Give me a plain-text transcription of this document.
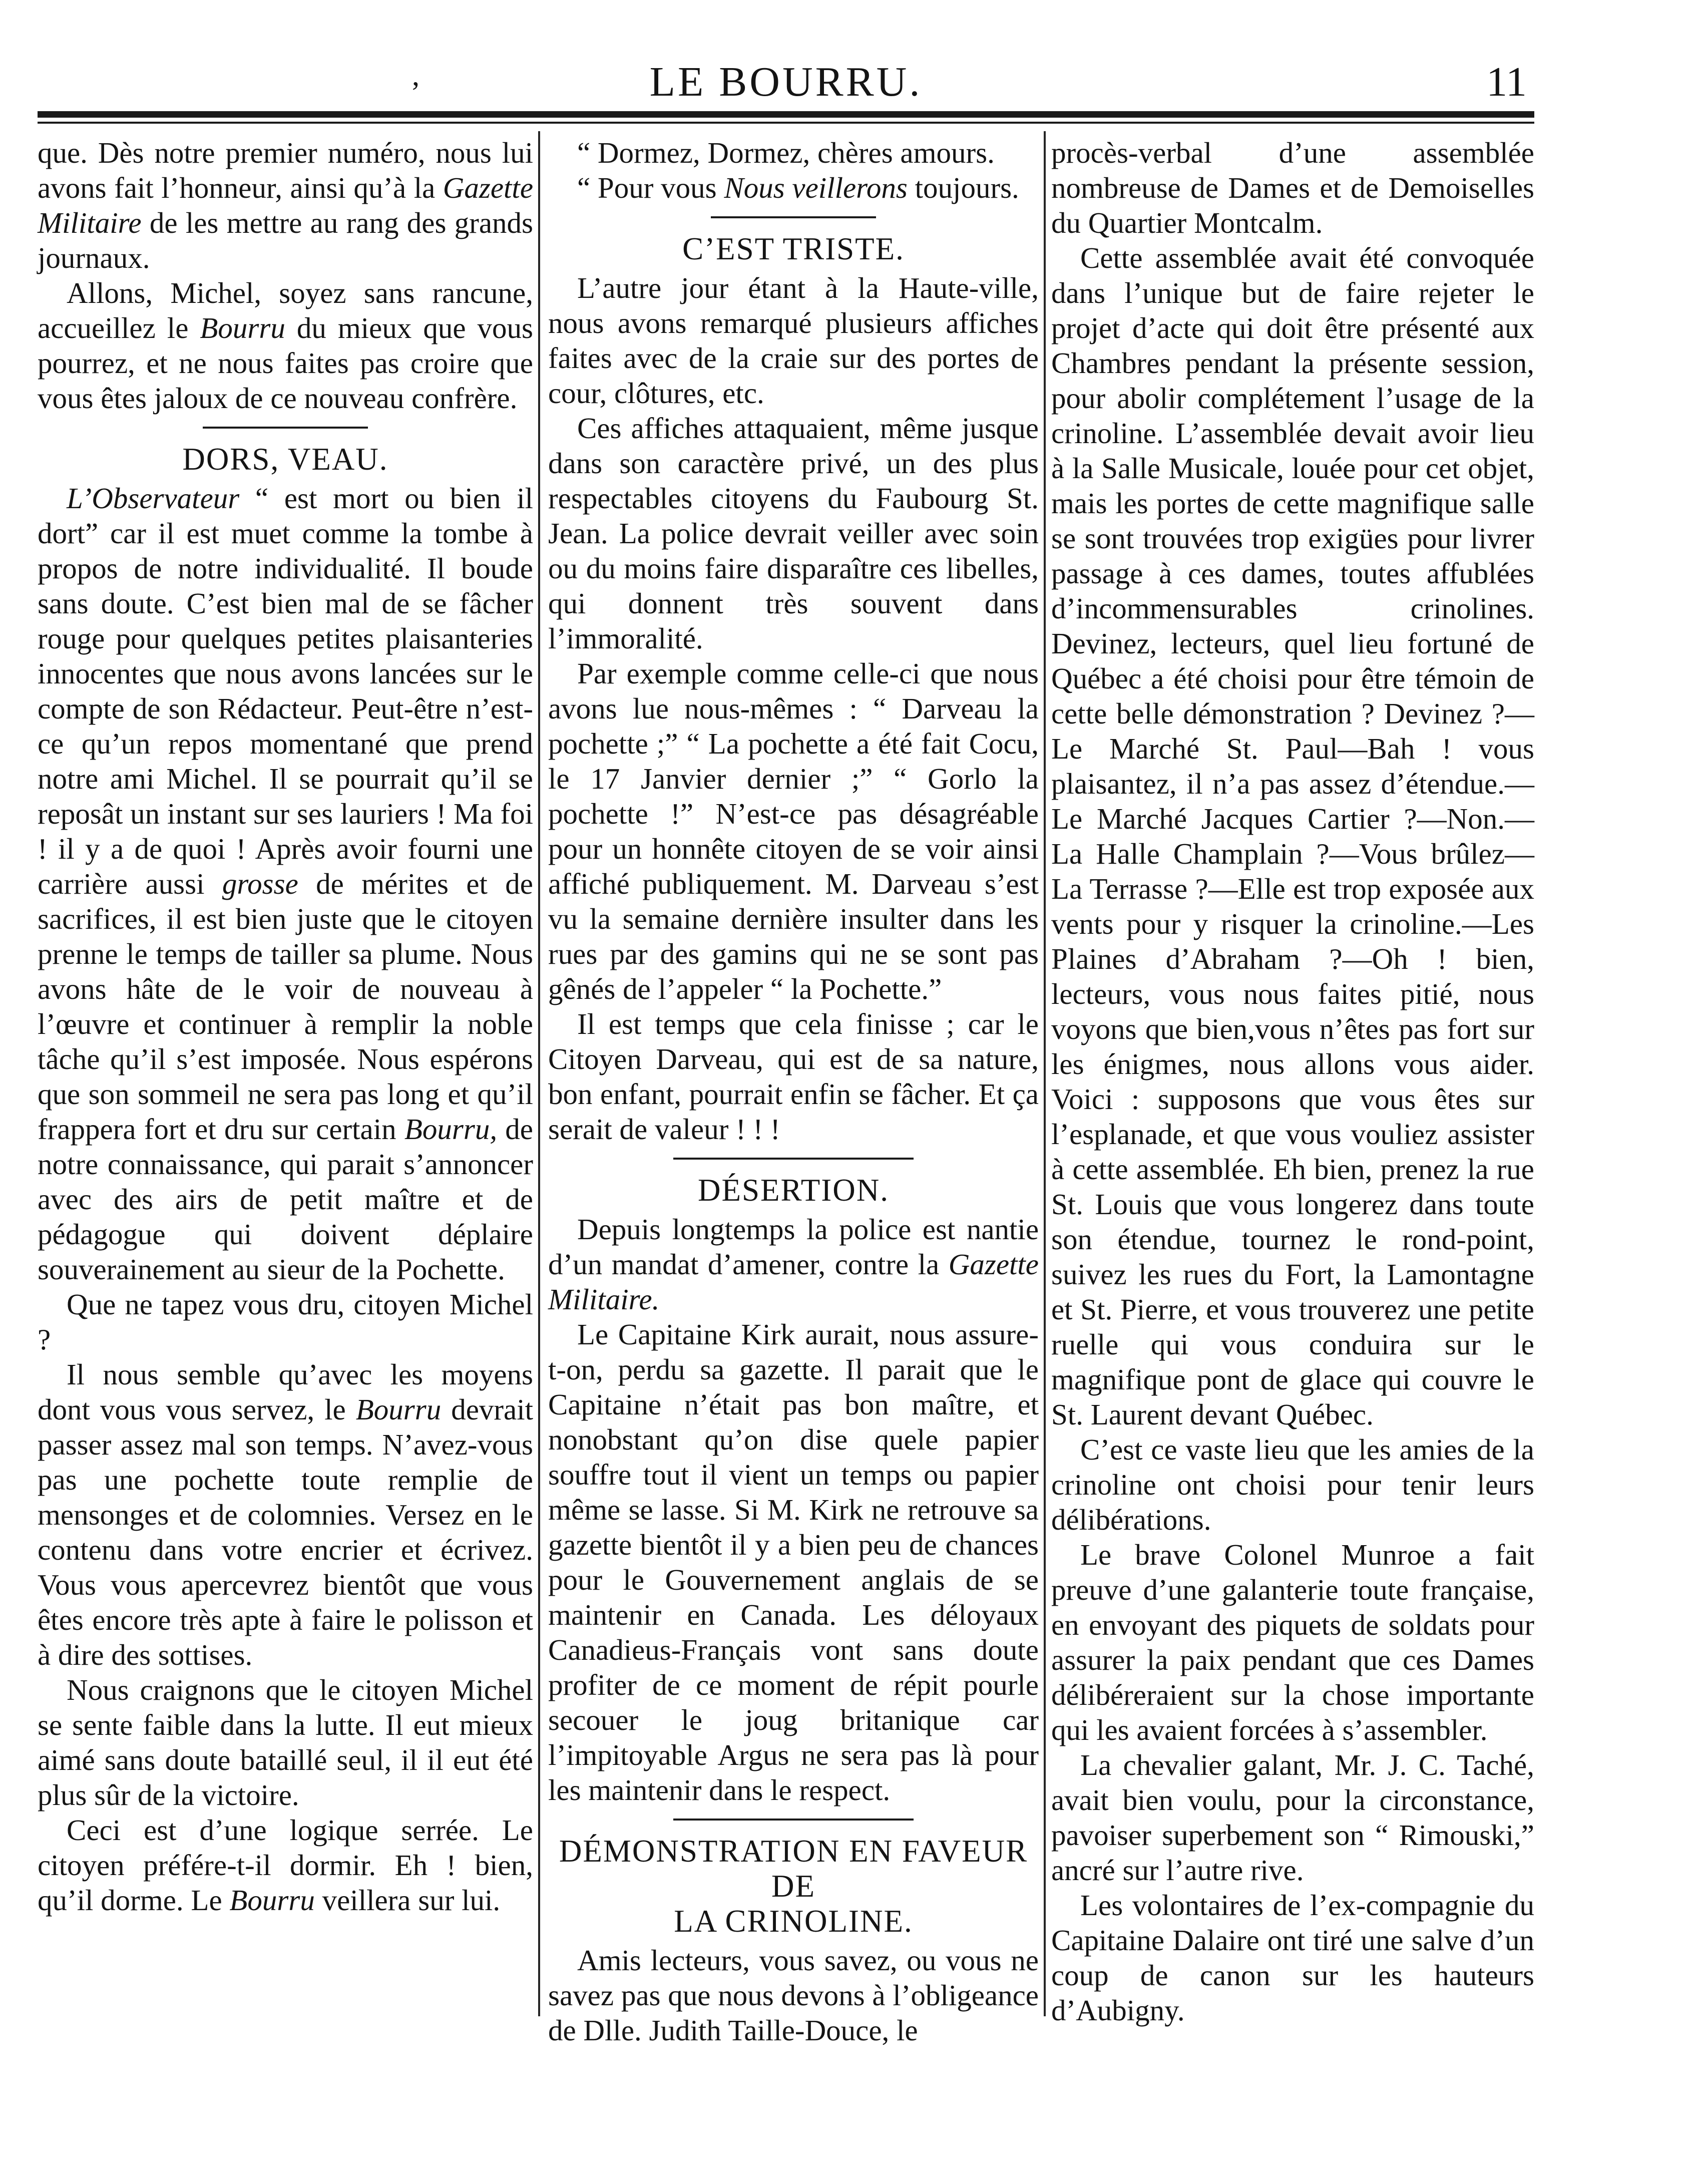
’	LE BOURRU.	11

que. Dès notre premier numéro, nous lui avons fait l’honneur, ainsi qu’à la Gazette Militaire de les mettre au rang des grands journaux.

Allons, Michel, soyez sans rancune, accueillez le Bourru du mieux que vous pourrez, et ne nous faites pas croire que vous êtes jaloux de ce nouveau confrère.

DORS, VEAU.

L’Observateur “ est mort ou bien il dort” car il est muet comme la tombe à propos de notre individualité. Il boude sans doute. C’est bien mal de se fâcher rouge pour quelques petites plaisanteries innocentes que nous avons lancées sur le compte de son Rédacteur. Peut-être n’est-ce qu’un repos momentané que prend notre ami Michel. Il se pourrait qu’il se reposât un instant sur ses lauriers ! Ma foi ! il y a de quoi ! Après avoir fourni une carrière aussi grosse de mérites et de sacrifices, il est bien juste que le citoyen prenne le temps de tailler sa plume. Nous avons hâte de le voir de nouveau à l’œuvre et continuer à remplir la noble tâche qu’il s’est imposée. Nous espérons que son sommeil ne sera pas long et qu’il frappera fort et dru sur certain Bourru, de notre connaissance, qui parait s’annoncer avec des airs de petit maître et de pédagogue qui doivent déplaire souverainement au sieur de la Pochette.

Que ne tapez vous dru, citoyen Michel ?

Il nous semble qu’avec les moyens dont vous vous servez, le Bourru devrait passer assez mal son temps. N’avez-vous pas une pochette toute remplie de mensonges et de colomnies. Versez en le contenu dans votre encrier et écrivez. Vous vous apercevrez bientôt que vous êtes encore très apte à faire le polisson et à dire des sottises.

Nous craignons que le citoyen Michel se sente faible dans la lutte. Il eut mieux aimé sans doute bataillé seul, il il eut été plus sûr de la victoire.

Ceci est d’une logique serrée. Le citoyen préfére-t-il dormir. Eh ! bien, qu’il dorme. Le Bourru veillera sur lui.

“ Dormez, Dormez, chères amours.

“ Pour vous Nous veillerons toujours.

C’EST TRISTE.

L’autre jour étant à la Haute-ville, nous avons remarqué plusieurs affiches faites avec de la craie sur des portes de cour, clôtures, etc.

Ces affiches attaquaient, même jusque dans son caractère privé, un des plus respectables citoyens du Faubourg St. Jean. La police devrait veiller avec soin ou du moins faire disparaître ces libelles, qui donnent très souvent dans l’immoralité.

Par exemple comme celle-ci que nous avons lue nous-mêmes : “ Darveau la pochette ;” “ La pochette a été fait Cocu, le 17 Janvier dernier ;” “ Gorlo la pochette !” N’est-ce pas désagréable pour un honnête citoyen de se voir ainsi affiché publiquement. M. Darveau s’est vu la semaine dernière insulter dans les rues par des gamins qui ne se sont pas gênés de l’appeler “ la Pochette.”

Il est temps que cela finisse ; car le Citoyen Darveau, qui est de sa nature, bon enfant, pourrait enfin se fâcher. Et ça serait de valeur ! ! !

DÉSERTION.

Depuis longtemps la police est nantie d’un mandat d’amener, contre la Gazette Militaire.

Le Capitaine Kirk aurait, nous assure-t-on, perdu sa gazette. Il parait que le Capitaine n’était pas bon maître, et nonobstant qu’on dise quele papier souffre tout il vient un temps ou papier même se lasse. Si M. Kirk ne retrouve sa gazette bientôt il y a bien peu de chances pour le Gouvernement anglais de se maintenir en Canada. Les déloyaux Canadieus-Français vont sans doute profiter de ce moment de répit pourle secouer le joug britanique car l’impitoyable Argus ne sera pas là pour les maintenir dans le respect.

DÉMONSTRATION EN FAVEUR DE
LA CRINOLINE.

Amis lecteurs, vous savez, ou vous ne savez pas que nous devons à l’obligeance de Dlle. Judith Taille-Douce, le

procès-verbal d’une assemblée nombreuse de Dames et de Demoiselles du Quartier Montcalm.

Cette assemblée avait été convoquée dans l’unique but de faire rejeter le projet d’acte qui doit être présenté aux Chambres pendant la présente session, pour abolir complétement l’usage de la crinoline. L’assemblée devait avoir lieu à la Salle Musicale, louée pour cet objet, mais les portes de cette magnifique salle se sont trouvées trop exigües pour livrer passage à ces dames, toutes affublées d’incommensurables crinolines. Devinez, lecteurs, quel lieu fortuné de Québec a été choisi pour être témoin de cette belle démonstration ? Devinez ?—Le Marché St. Paul—Bah ! vous plaisantez, il n’a pas assez d’étendue.—Le Marché Jacques Cartier ?—Non.—La Halle Champlain ?—Vous brûlez—La Terrasse ?—Elle est trop exposée aux vents pour y risquer la crinoline.—Les Plaines d’Abraham ?—Oh ! bien, lecteurs, vous nous faites pitié, nous voyons que bien,vous n’êtes pas fort sur les énigmes, nous allons vous aider. Voici : supposons que vous êtes sur l’esplanade, et que vous vouliez assister à cette assemblée. Eh bien, prenez la rue St. Louis que vous longerez dans toute son étendue, tournez le rond-point, suivez les rues du Fort, la Lamontagne et St. Pierre, et vous trouverez une petite ruelle qui vous conduira sur le magnifique pont de glace qui couvre le St. Laurent devant Québec.

C’est ce vaste lieu que les amies de la crinoline ont choisi pour tenir leurs délibérations.

Le brave Colonel Munroe a fait preuve d’une galanterie toute française, en envoyant des piquets de soldats pour assurer la paix pendant que ces Dames délibéreraient sur la chose importante qui les avaient forcées à s’assembler.

La chevalier galant, Mr. J. C. Taché, avait bien voulu, pour la circonstance, pavoiser superbement son “ Rimouski,” ancré sur l’autre rive.

Les volontaires de l’ex-compagnie du Capitaine Dalaire ont tiré une salve d’un coup de canon sur les hauteurs d’Aubigny.
